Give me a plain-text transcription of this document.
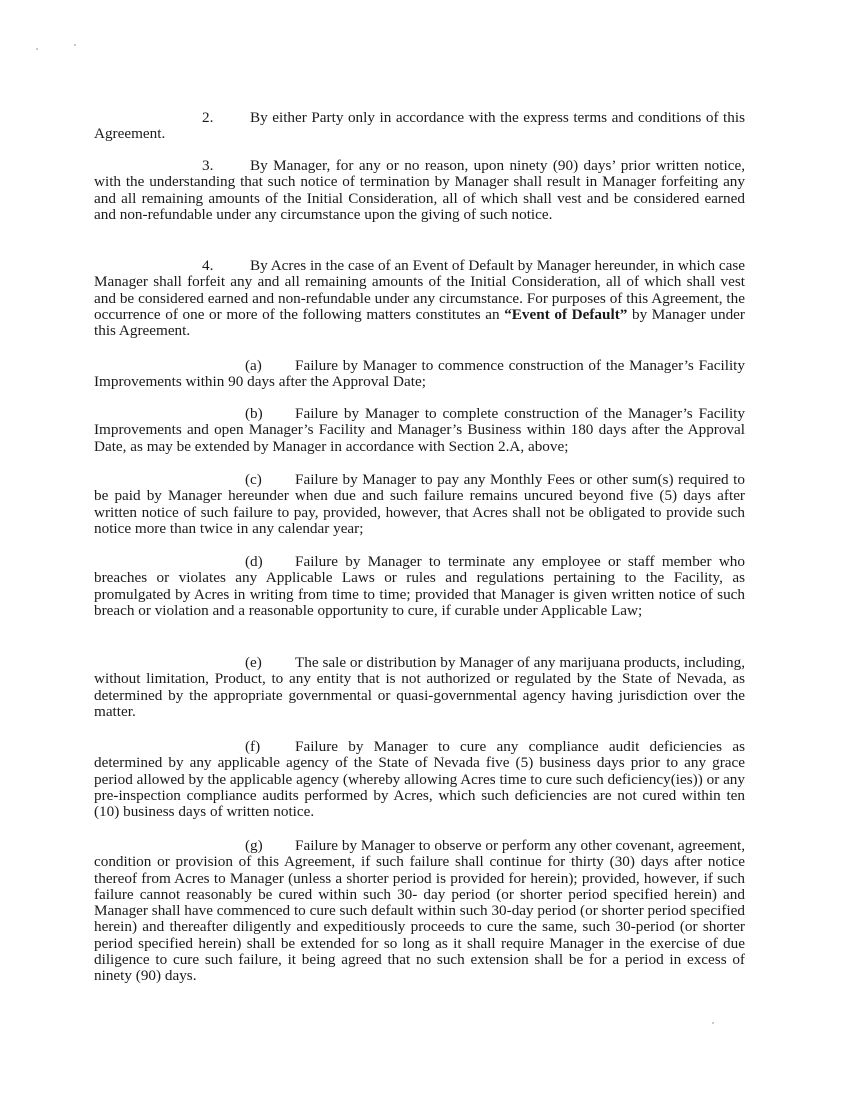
2. By either Party only in accordance with the express terms and conditions of this Agreement.

3. By Manager, for any or no reason, upon ninety (90) days’ prior written notice, with the understanding that such notice of termination by Manager shall result in Manager forfeiting any and all remaining amounts of the Initial Consideration, all of which shall vest and be considered earned and non-refundable under any circumstance upon the giving of such notice.

4. By Acres in the case of an Event of Default by Manager hereunder, in which case Manager shall forfeit any and all remaining amounts of the Initial Consideration, all of which shall vest and be considered earned and non-refundable under any circumstance. For purposes of this Agreement, the occurrence of one or more of the following matters constitutes an “Event of Default” by Manager under this Agreement.

(a) Failure by Manager to commence construction of the Manager’s Facility Improvements within 90 days after the Approval Date;

(b) Failure by Manager to complete construction of the Manager’s Facility Improvements and open Manager’s Facility and Manager’s Business within 180 days after the Approval Date, as may be extended by Manager in accordance with Section 2.A, above;

(c) Failure by Manager to pay any Monthly Fees or other sum(s) required to be paid by Manager hereunder when due and such failure remains uncured beyond five (5) days after written notice of such failure to pay, provided, however, that Acres shall not be obligated to provide such notice more than twice in any calendar year;

(d) Failure by Manager to terminate any employee or staff member who breaches or violates any Applicable Laws or rules and regulations pertaining to the Facility, as promulgated by Acres in writing from time to time; provided that Manager is given written notice of such breach or violation and a reasonable opportunity to cure, if curable under Applicable Law;

(e) The sale or distribution by Manager of any marijuana products, including, without limitation, Product, to any entity that is not authorized or regulated by the State of Nevada, as determined by the appropriate governmental or quasi-governmental agency having jurisdiction over the matter.

(f) Failure by Manager to cure any compliance audit deficiencies as determined by any applicable agency of the State of Nevada five (5) business days prior to any grace period allowed by the applicable agency (whereby allowing Acres time to cure such deficiency(ies)) or any pre-inspection compliance audits performed by Acres, which such deficiencies are not cured within ten (10) business days of written notice.

(g) Failure by Manager to observe or perform any other covenant, agreement, condition or provision of this Agreement, if such failure shall continue for thirty (30) days after notice thereof from Acres to Manager (unless a shorter period is provided for herein); provided, however, if such failure cannot reasonably be cured within such 30- day period (or shorter period specified herein) and Manager shall have commenced to cure such default within such 30-day period (or shorter period specified herein) and thereafter diligently and expeditiously proceeds to cure the same, such 30-period (or shorter period specified herein) shall be extended for so long as it shall require Manager in the exercise of due diligence to cure such failure, it being agreed that no such extension shall be for a period in excess of ninety (90) days.
